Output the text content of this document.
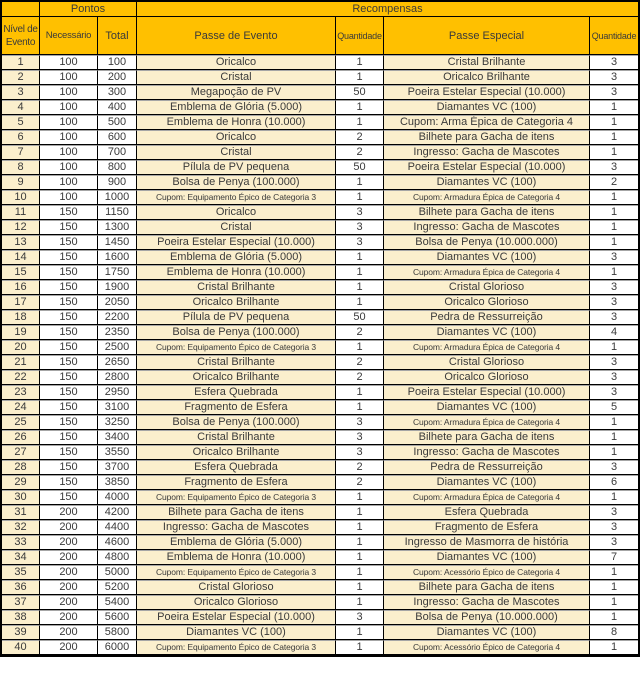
	Pontos		Recompensas			
Nível de Evento	Necessário	Total	Passe de Evento	Quantidade	Passe Especial	Quantidade
1	100	100	Oricalco	1	Cristal Brilhante	3
2	100	200	Cristal	1	Oricalco Brilhante	3
3	100	300	Megapoção de PV	50	Poeira Estelar Especial (10.000)	3
4	100	400	Emblema de Glória (5.000)	1	Diamantes VC (100)	1
5	100	500	Emblema de Honra (10.000)	1	Cupom: Arma Épica de Categoria 4	1
6	100	600	Oricalco	2	Bilhete para Gacha de itens	1
7	100	700	Cristal	2	Ingresso: Gacha de Mascotes	1
8	100	800	Pílula de PV pequena	50	Poeira Estelar Especial (10.000)	3
9	100	900	Bolsa de Penya (100.000)	1	Diamantes VC (100)	2
10	100	1000	Cupom: Equipamento Épico de Categoria 3	1	Cupom: Armadura Épica de Categoria 4	1
11	150	1150	Oricalco	3	Bilhete para Gacha de itens	1
12	150	1300	Cristal	3	Ingresso: Gacha de Mascotes	1
13	150	1450	Poeira Estelar Especial (10.000)	3	Bolsa de Penya (10.000.000)	1
14	150	1600	Emblema de Glória (5.000)	1	Diamantes VC (100)	3
15	150	1750	Emblema de Honra (10.000)	1	Cupom: Armadura Épica de Categoria 4	1
16	150	1900	Cristal Brilhante	1	Cristal Glorioso	3
17	150	2050	Oricalco Brilhante	1	Oricalco Glorioso	3
18	150	2200	Pílula de PV pequena	50	Pedra de Ressurreição	3
19	150	2350	Bolsa de Penya (100.000)	2	Diamantes VC (100)	4
20	150	2500	Cupom: Equipamento Épico de Categoria 3	1	Cupom: Armadura Épica de Categoria 4	1
21	150	2650	Cristal Brilhante	2	Cristal Glorioso	3
22	150	2800	Oricalco Brilhante	2	Oricalco Glorioso	3
23	150	2950	Esfera Quebrada	1	Poeira Estelar Especial (10.000)	3
24	150	3100	Fragmento de Esfera	1	Diamantes VC (100)	5
25	150	3250	Bolsa de Penya (100.000)	3	Cupom: Armadura Épica de Categoria 4	1
26	150	3400	Cristal Brilhante	3	Bilhete para Gacha de itens	1
27	150	3550	Oricalco Brilhante	3	Ingresso: Gacha de Mascotes	1
28	150	3700	Esfera Quebrada	2	Pedra de Ressurreição	3
29	150	3850	Fragmento de Esfera	2	Diamantes VC (100)	6
30	150	4000	Cupom: Equipamento Épico de Categoria 3	1	Cupom: Armadura Épica de Categoria 4	1
31	200	4200	Bilhete para Gacha de itens	1	Esfera Quebrada	3
32	200	4400	Ingresso: Gacha de Mascotes	1	Fragmento de Esfera	3
33	200	4600	Emblema de Glória (5.000)	1	Ingresso de Masmorra de história	3
34	200	4800	Emblema de Honra (10.000)	1	Diamantes VC (100)	7
35	200	5000	Cupom: Equipamento Épico de Categoria 3	1	Cupom: Acessório Épico de Categoria 4	1
36	200	5200	Cristal Glorioso	1	Bilhete para Gacha de itens	1
37	200	5400	Oricalco Glorioso	1	Ingresso: Gacha de Mascotes	1
38	200	5600	Poeira Estelar Especial (10.000)	3	Bolsa de Penya (10.000.000)	1
39	200	5800	Diamantes VC (100)	1	Diamantes VC (100)	8
40	200	6000	Cupom: Equipamento Épico de Categoria 3	1	Cupom: Acessório Épico de Categoria 4	1
